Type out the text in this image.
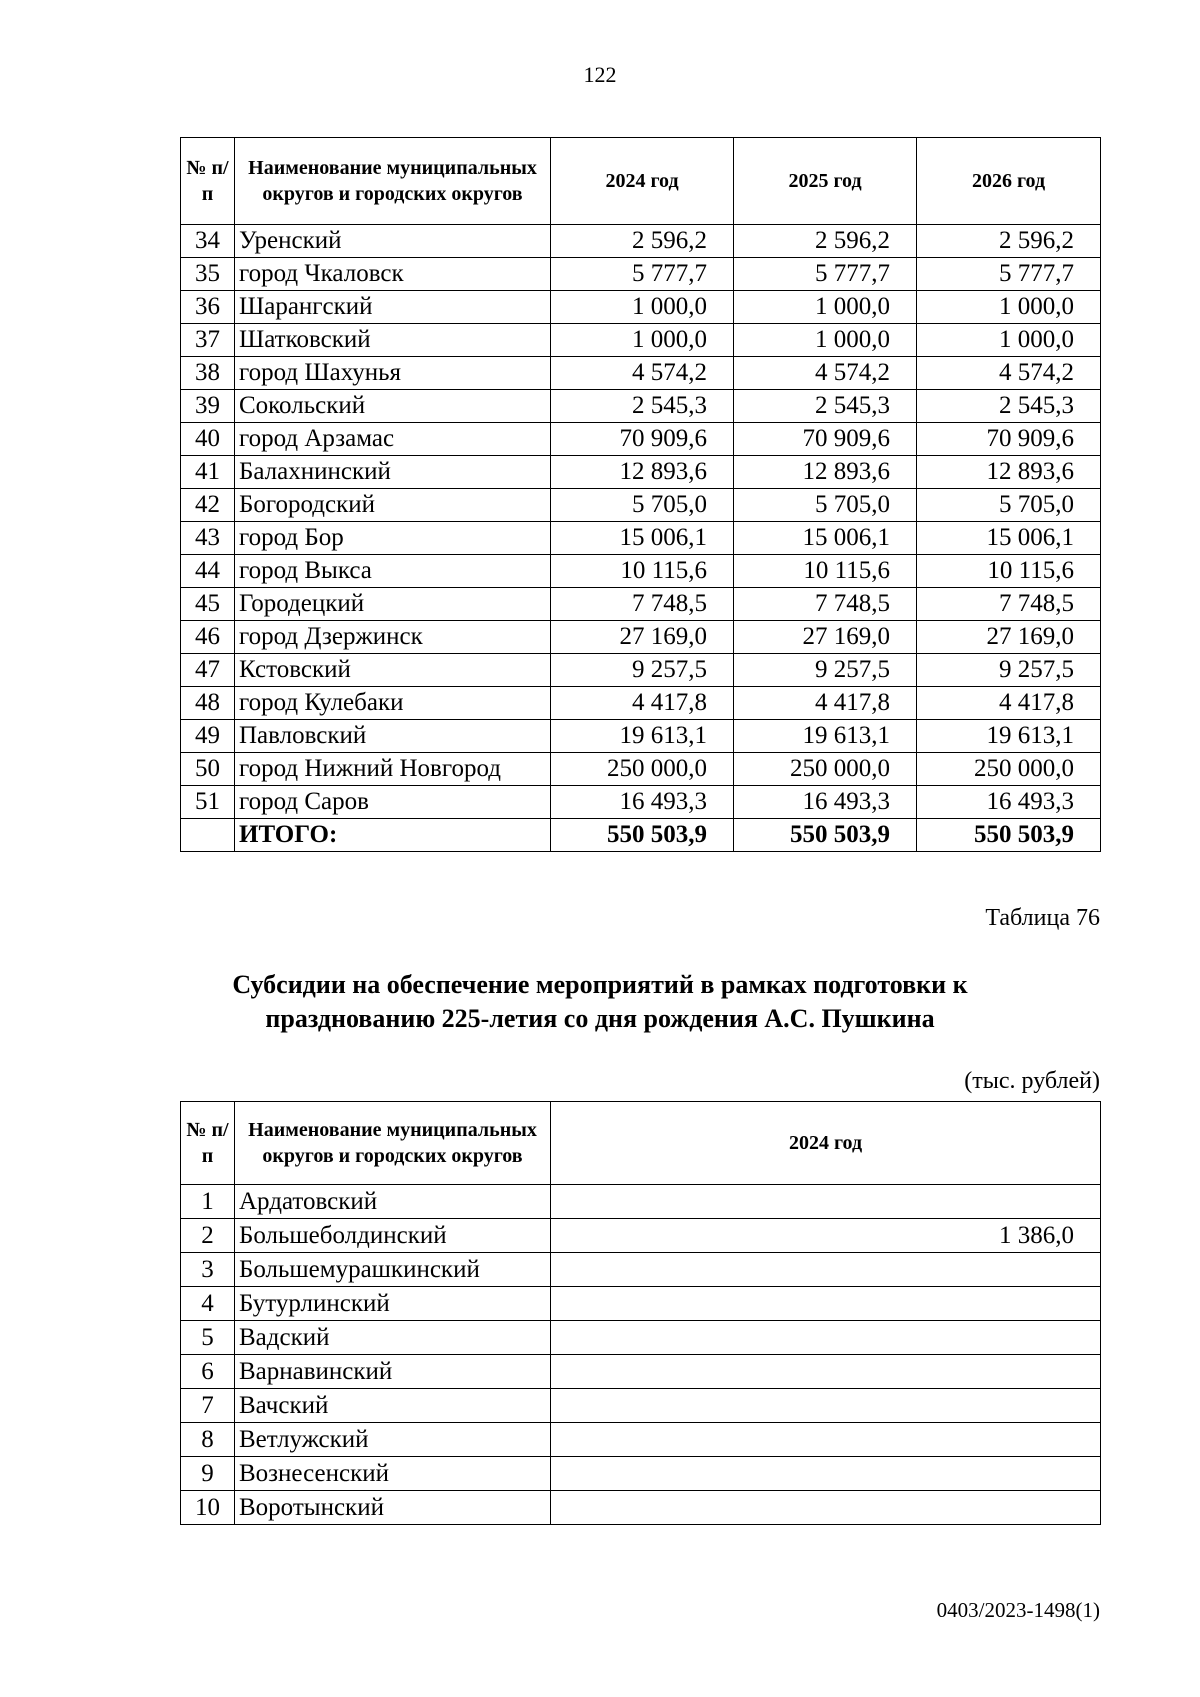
122
№ п/п	Наименование муниципальных округов и городских округов	2024 год	2025 год	2026 год
34	Уренский	2 596,2	2 596,2	2 596,2
35	город Чкаловск	5 777,7	5 777,7	5 777,7
36	Шарангский	1 000,0	1 000,0	1 000,0
37	Шатковский	1 000,0	1 000,0	1 000,0
38	город Шахунья	4 574,2	4 574,2	4 574,2
39	Сокольский	2 545,3	2 545,3	2 545,3
40	город Арзамас	70 909,6	70 909,6	70 909,6
41	Балахнинский	12 893,6	12 893,6	12 893,6
42	Богородский	5 705,0	5 705,0	5 705,0
43	город Бор	15 006,1	15 006,1	15 006,1
44	город Выкса	10 115,6	10 115,6	10 115,6
45	Городецкий	7 748,5	7 748,5	7 748,5
46	город Дзержинск	27 169,0	27 169,0	27 169,0
47	Кстовский	9 257,5	9 257,5	9 257,5
48	город Кулебаки	4 417,8	4 417,8	4 417,8
49	Павловский	19 613,1	19 613,1	19 613,1
50	город Нижний Новгород	250 000,0	250 000,0	250 000,0
51	город Саров	16 493,3	16 493,3	16 493,3
	ИТОГО:	550 503,9	550 503,9	550 503,9
Таблица 76
Субсидии на обеспечение мероприятий в рамках подготовки к
празднованию 225-летия со дня рождения А.С. Пушкина
(тыс. рублей)
№ п/п	Наименование муниципальных округов и городских округов	2024 год
1	Ардатовский	
2	Большеболдинский	1 386,0
3	Большемурашкинский	
4	Бутурлинский	
5	Вадский	
6	Варнавинский	
7	Вачский	
8	Ветлужский	
9	Вознесенский	
10	Воротынский	
0403/2023-1498(1)
